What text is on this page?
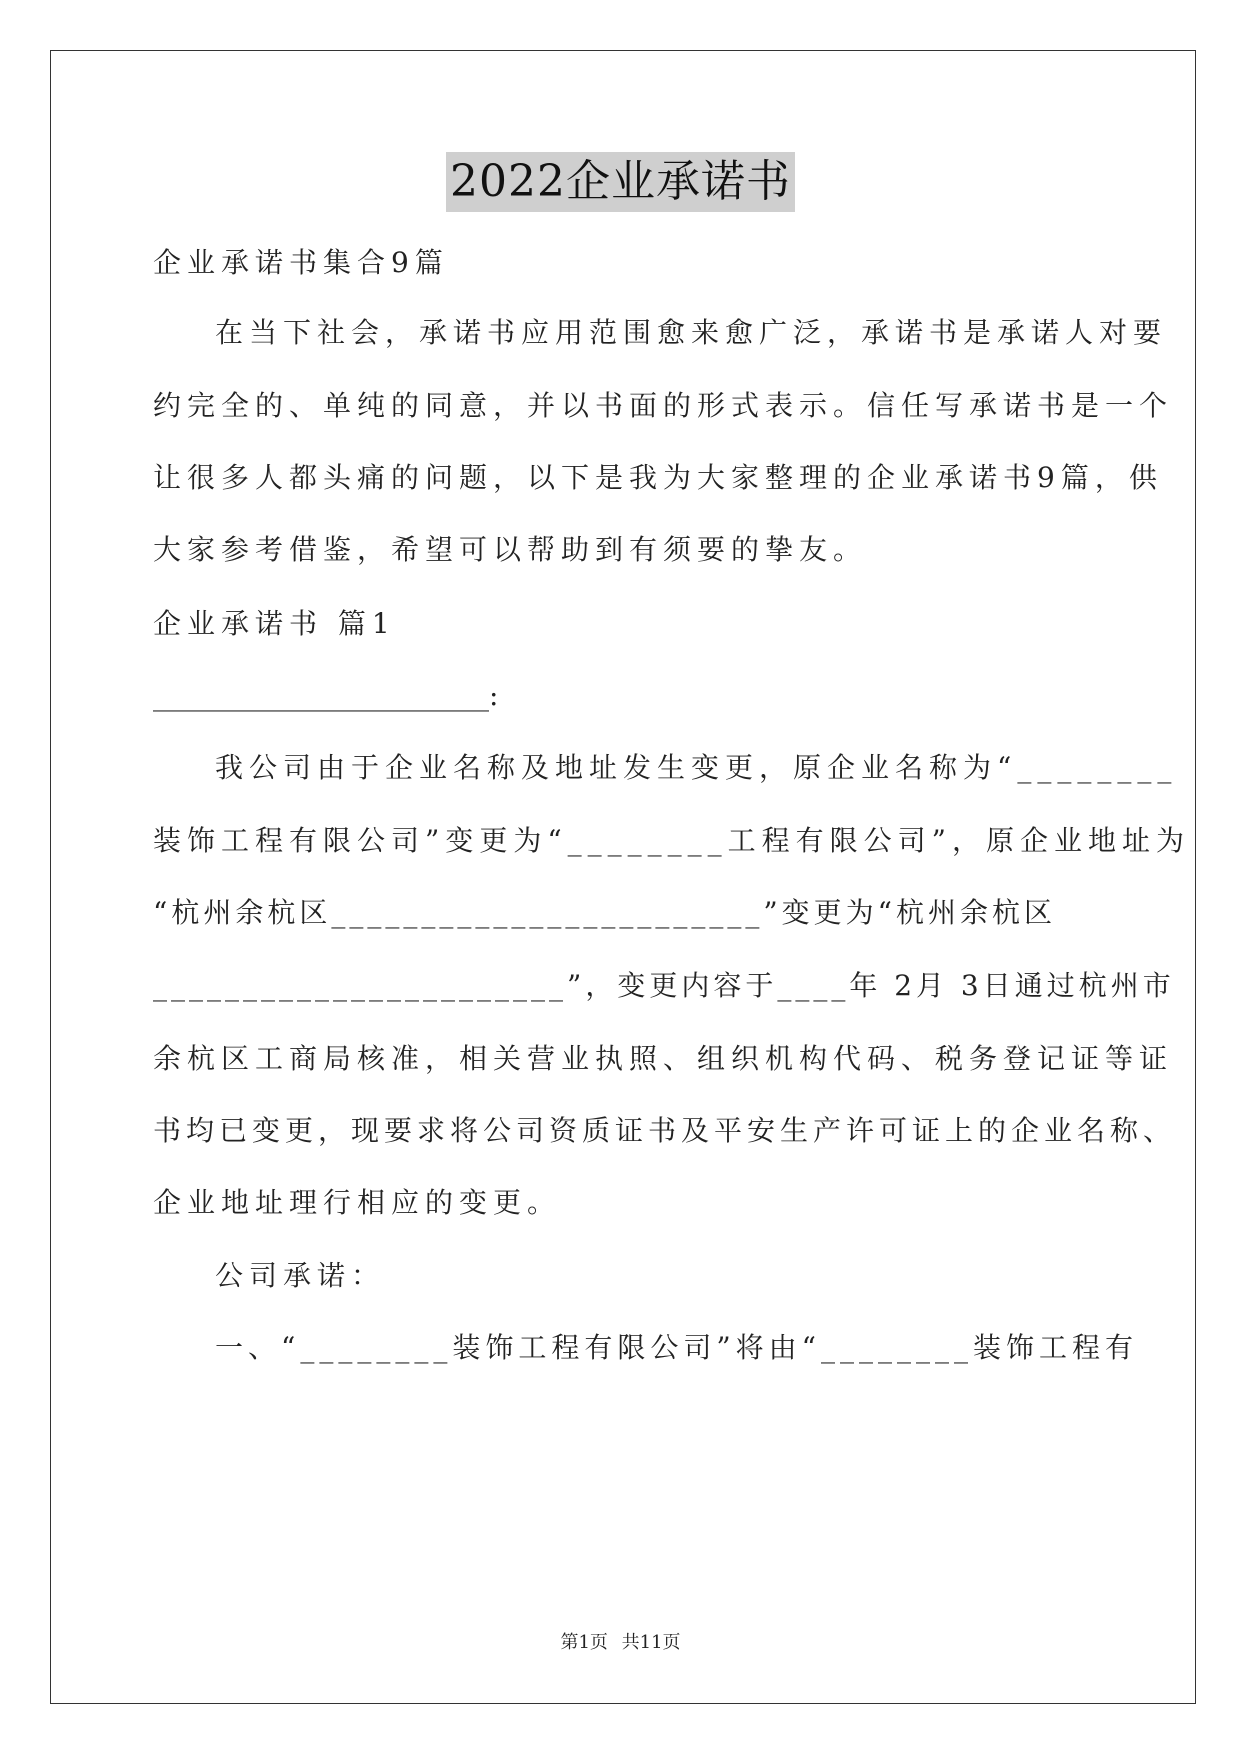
2022企业承诺书
企业承诺书集合9篇
在当下社会，承诺书应用范围愈来愈广泛，承诺书是承诺人对要
约完全的、单纯的同意，并以书面的形式表示。信任写承诺书是一个
让很多人都头痛的问题，以下是我为大家整理的企业承诺书9篇，供
大家参考借鉴，希望可以帮助到有须要的挚友。
企业承诺书 篇1
________________________:
我公司由于企业名称及地址发生变更，原企业名称为“________
装饰工程有限公司”变更为“________工程有限公司”，原企业地址为
“杭州余杭区________________________”变更为“杭州余杭区
_______________________”，变更内容于____年 2月 3日通过杭州市
余杭区工商局核准，相关营业执照、组织机构代码、税务登记证等证
书均已变更，现要求将公司资质证书及平安生产许可证上的企业名称、
企业地址理行相应的变更。
公司承诺：
一、“________装饰工程有限公司”将由“________装饰工程有
第1页 共11页
